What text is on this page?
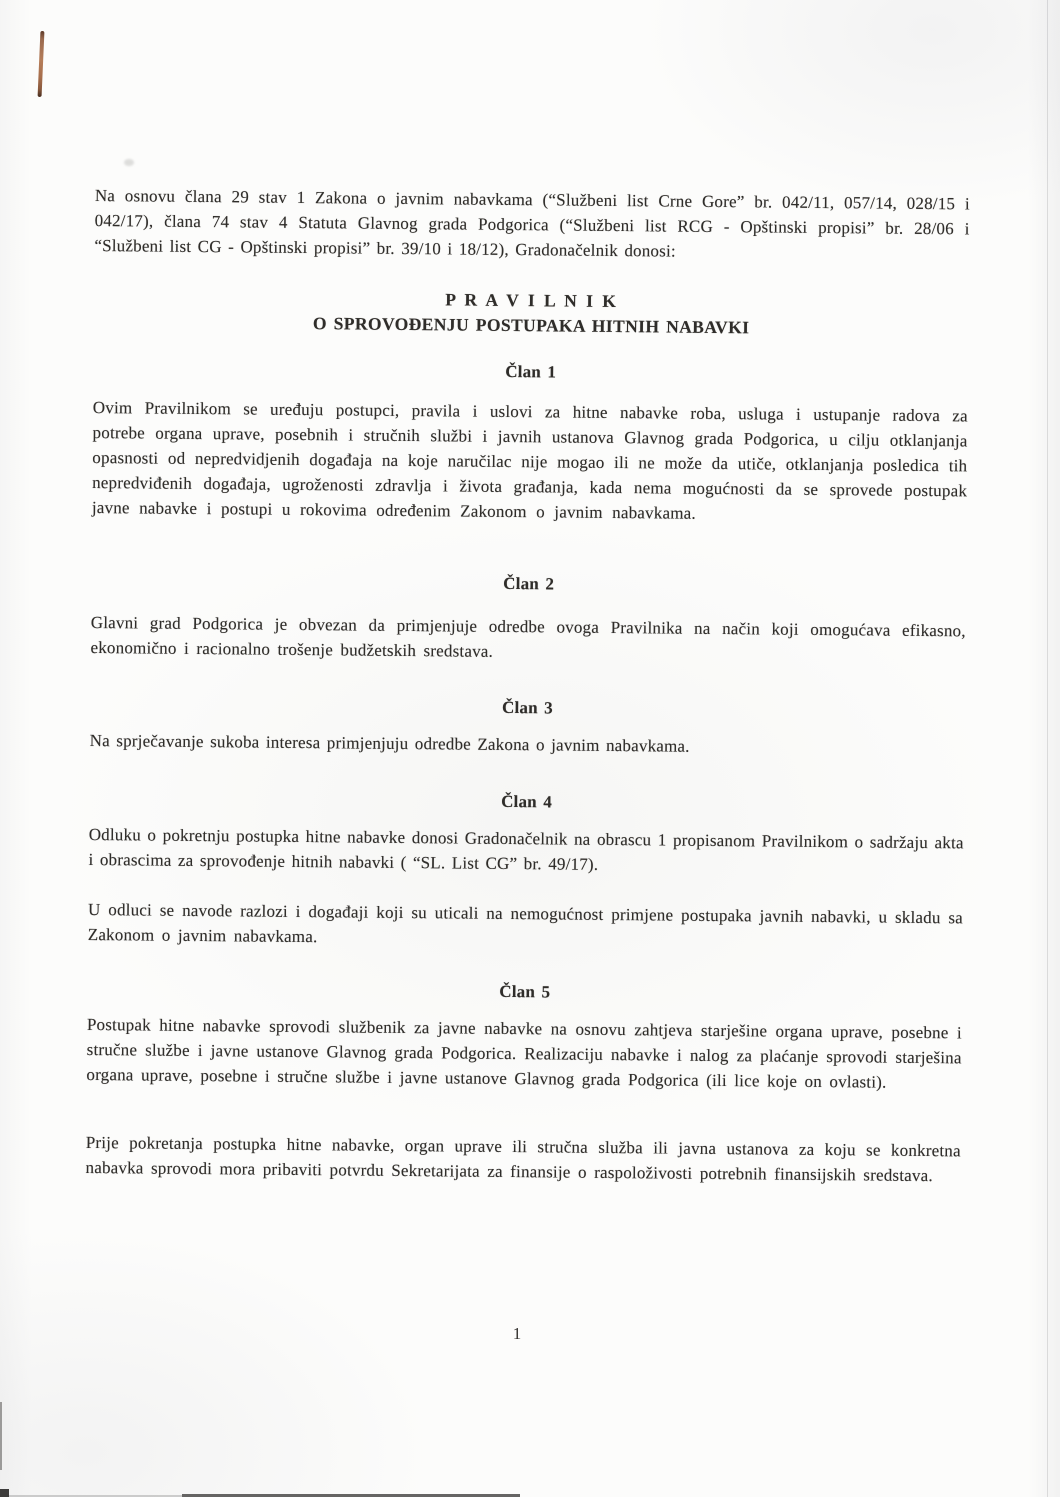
Na osnovu člana 29 stav 1 Zakona o javnim nabavkama (“Službeni list Crne Gore” br. 042/11, 057/14, 028/15 i 042/17), člana 74 stav 4 Statuta Glavnog grada Podgorica (“Službeni list RCG - Opštinski propisi” br. 28/06 i “Službeni list CG - Opštinski propisi” br. 39/10 i 18/12), Gradonačelnik donosi:

P R A V I L N I K
O SPROVOĐENJU POSTUPAKA HITNIH NABAVKI
Član 1

Ovim Pravilnikom se uređuju postupci, pravila i uslovi za hitne nabavke roba, usluga i ustupanje radova za potrebe organa uprave, posebnih i stručnih službi i javnih ustanova Glavnog grada Podgorica, u cilju otklanjanja opasnosti od nepredvidjenih događaja na koje naručilac nije mogao ili ne može da utiče, otklanjanja posledica tih nepredviđenih događaja, ugroženosti zdravlja i života građanja, kada nema mogućnosti da se sprovede postupak javne nabavke i postupi u rokovima određenim Zakonom o javnim nabavkama.

Član 2

Glavni grad Podgorica je obvezan da primjenjuje odredbe ovoga Pravilnika na način koji omogućava efikasno, ekonomično i racionalno trošenje budžetskih sredstava.

Član 3

Na sprječavanje sukoba interesa primjenjuju odredbe Zakona o javnim nabavkama.

Član 4

Odluku o pokretnju postupka hitne nabavke donosi Gradonačelnik na obrascu 1 propisanom Pravilnikom o sadržaju akta i obrascima za sprovođenje hitnih nabavki ( “SL. List CG” br. 49/17).

U odluci se navode razlozi i događaji koji su uticali na nemogućnost primjene postupaka javnih nabavki, u skladu sa Zakonom o javnim nabavkama.

Član 5

Postupak hitne nabavke sprovodi službenik za javne nabavke na osnovu zahtjeva starješine organa uprave, posebne i stručne službe i javne ustanove Glavnog grada Podgorica. Realizaciju nabavke i nalog za plaćanje sprovodi starješina organa uprave, posebne i stručne službe i javne ustanove Glavnog grada Podgorica (ili lice koje on ovlasti).

Prije pokretanja postupka hitne nabavke, organ uprave ili stručna služba ili javna ustanova za koju se konkretna nabavka sprovodi mora pribaviti potvrdu Sekretarijata za finansije o raspoloživosti potrebnih finansijskih sredstava.

1
